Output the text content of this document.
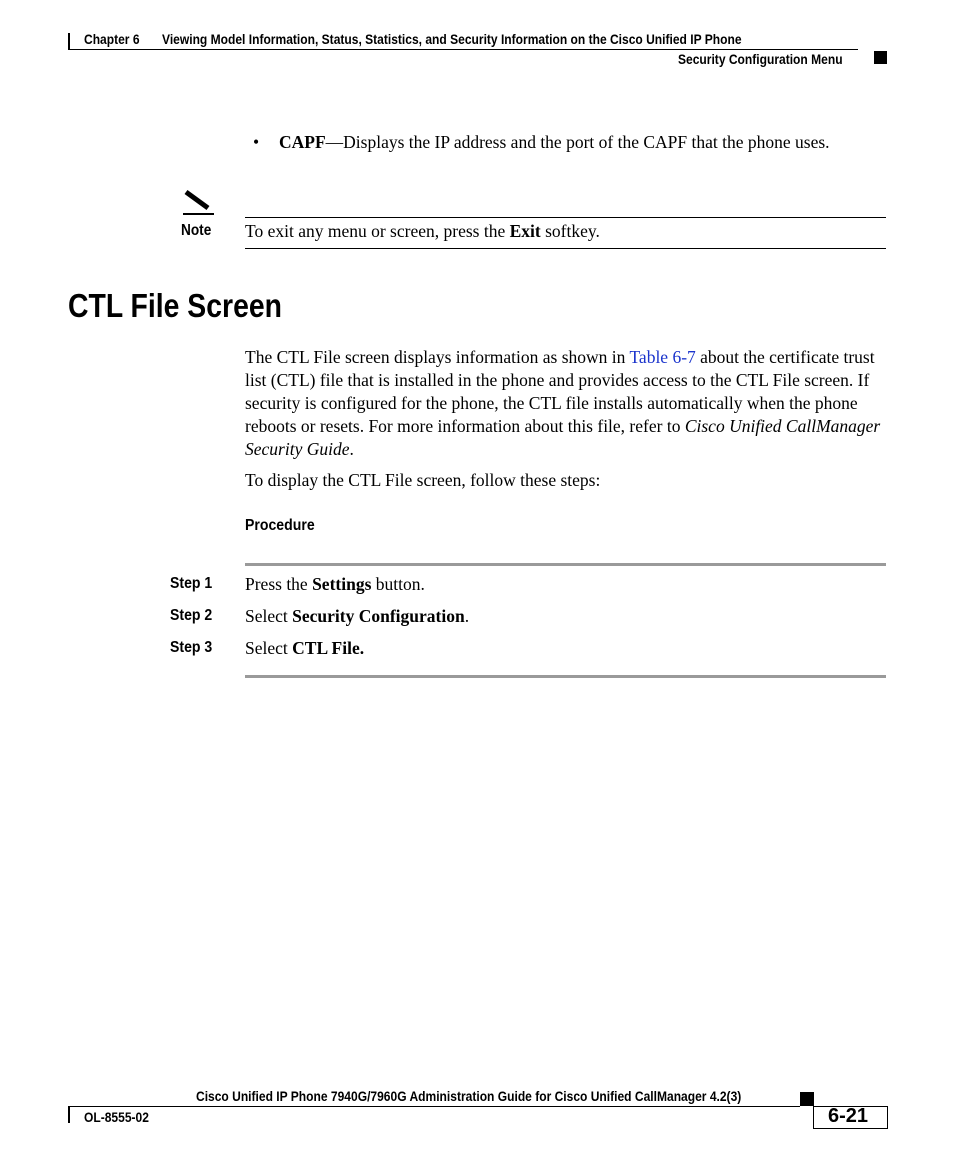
Chapter 6 Viewing Model Information, Status, Statistics, and Security Information on the Cisco Unified IP Phone
Security Configuration Menu
• CAPF—Displays the IP address and the port of the CAPF that the phone uses.
Note To exit any menu or screen, press the Exit softkey.
CTL File Screen
The CTL File screen displays information as shown in Table 6-7 about the certificate trust list (CTL) file that is installed in the phone and provides access to the CTL File screen. If security is configured for the phone, the CTL file installs automatically when the phone reboots or resets. For more information about this file, refer to Cisco Unified CallManager Security Guide.
To display the CTL File screen, follow these steps:
Procedure
Step 1 Press the Settings button.
Step 2 Select Security Configuration.
Step 3 Select CTL File.
Cisco Unified IP Phone 7940G/7960G Administration Guide for Cisco Unified CallManager 4.2(3)
OL-8555-02	6-21
